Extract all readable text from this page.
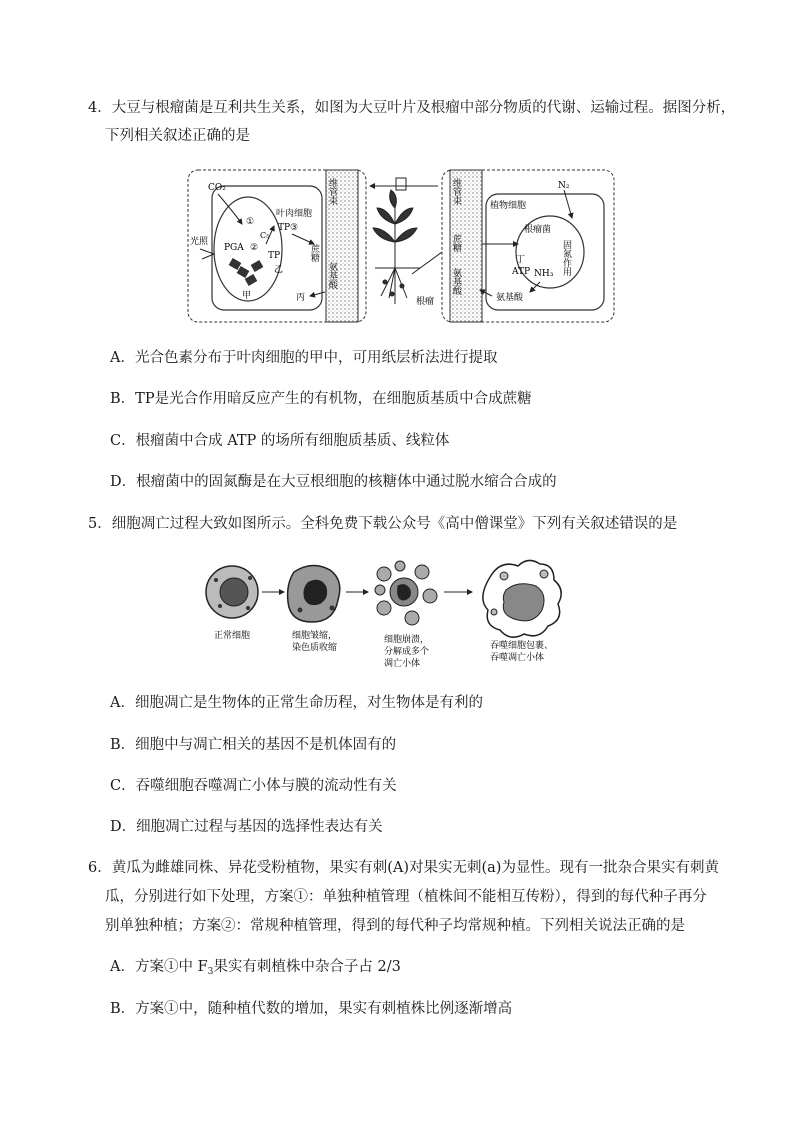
4．大豆与根瘤菌是互利共生关系，如图为大豆叶片及根瘤中部分物质的代谢、运输过程。据图分析，
下列相关叙述正确的是
CO₂
①
C₅
光照
PGA ②
TP
乙
甲
叶肉细胞
TP③
蔗糖
维管束
氨基酸
丙	根瘤
维管束
蔗糖
氨基酸
植物细胞
根瘤菌
固氮作用
丁
ATP NH₃
N₂
氨基酸
A．光合色素分布于叶肉细胞的甲中，可用纸层析法进行提取
B．TP是光合作用暗反应产生的有机物，在细胞质基质中合成蔗糖
C．根瘤菌中合成 ATP 的场所有细胞质基质、线粒体
D．根瘤菌中的固氮酶是在大豆根细胞的核糖体中通过脱水缩合合成的
5．细胞凋亡过程大致如图所示。全科免费下载公众号《高中僧课堂》下列有关叙述错误的是
正常细胞	细胞皱缩，
染色质收缩
细胞崩溃，
分解成多个
凋亡小体
吞噬细胞包裹、
吞噬凋亡小体
A．细胞凋亡是生物体的正常生命历程，对生物体是有利的
B．细胞中与凋亡相关的基因不是机体固有的
C．吞噬细胞吞噬凋亡小体与膜的流动性有关
D．细胞凋亡过程与基因的选择性表达有关
6．黄瓜为雌雄同株、异花受粉植物，果实有刺(A)对果实无刺(a)为显性。现有一批杂合果实有刺黄
瓜，分别进行如下处理，方案①：单独种植管理（植株间不能相互传粉），得到的每代种子再分
别单独种植；方案②：常规种植管理，得到的每代种子均常规种植。下列相关说法正确的是
A．方案①中 $F_3$果实有刺植株中杂合子占 2/3
B．方案①中，随种植代数的增加，果实有刺植株比例逐渐增高
